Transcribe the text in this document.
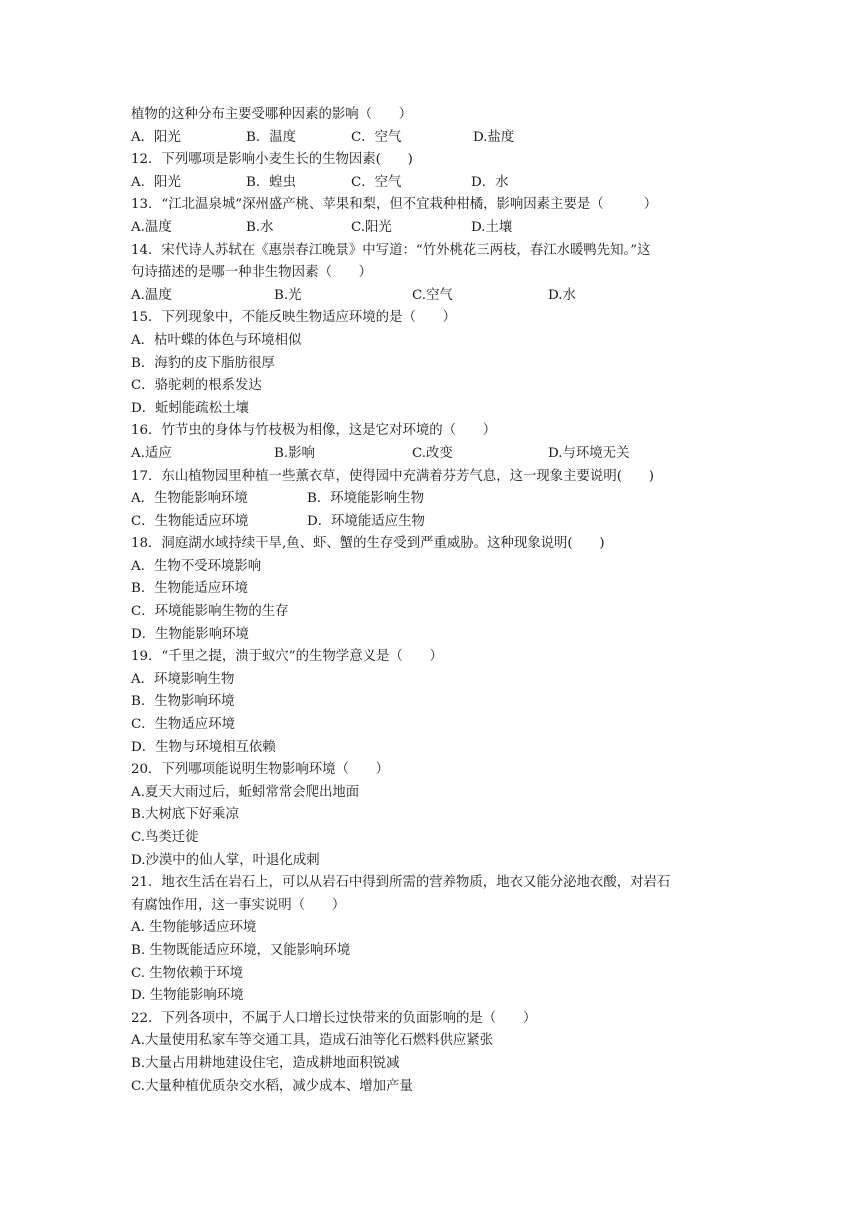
植物的这种分布主要受哪种因素的影响（　　）
A．阳光	B．温度	C．空气	D.盐度
12．下列哪项是影响小麦生长的生物因素(　　)
A．阳光	B．蝗虫	C．空气	D．水
13．“江北温泉城”深州盛产桃、苹果和梨，但不宜栽种柑橘，影响因素主要是（　　　）
A.温度	B.水	C.阳光	D.土壤
14．宋代诗人苏轼在《惠崇春江晚景》中写道：“竹外桃花三两枝，春江水暖鸭先知。”这
句诗描述的是哪一种非生物因素（　　）
A.温度	B.光	C.空气	D.水
15．下列现象中，不能反映生物适应环境的是（　　）
A．枯叶蝶的体色与环境相似
B．海豹的皮下脂肪很厚
C．骆驼刺的根系发达
D．蚯蚓能疏松土壤
16．竹节虫的身体与竹枝极为相像，这是它对环境的（　　）
A.适应	B.影响	C.改变	D.与环境无关
17．东山植物园里种植一些薰衣草，使得园中充满着芬芳气息，这一现象主要说明(　　)
A．生物能影响环境	B．环境能影响生物
C．生物能适应环境	D．环境能适应生物
18．洞庭湖水域持续干旱,鱼、虾、蟹的生存受到严重威胁。这种现象说明(　　)
A．生物不受环境影响
B．生物能适应环境
C．环境能影响生物的生存
D．生物能影响环境
19．“千里之提，溃于蚁穴”的生物学意义是（　　）
A．环境影响生物
B．生物影响环境
C．生物适应环境
D．生物与环境相互依赖
20．下列哪项能说明生物影响环境（　　）
A.夏天大雨过后，蚯蚓常常会爬出地面
B.大树底下好乘凉
C.鸟类迁徙
D.沙漠中的仙人掌，叶退化成刺
21．地衣生活在岩石上，可以从岩石中得到所需的营养物质，地衣又能分泌地衣酸，对岩石
有腐蚀作用，这一事实说明（　　）
A. 生物能够适应环境
B. 生物既能适应环境，又能影响环境
C. 生物依赖于环境
D. 生物能影响环境
22．下列各项中，不属于人口增长过快带来的负面影响的是（　　）
A.大量使用私家车等交通工具，造成石油等化石燃料供应紧张
B.大量占用耕地建设住宅，造成耕地面积锐减
C.大量种植优质杂交水稻，减少成本、增加产量
